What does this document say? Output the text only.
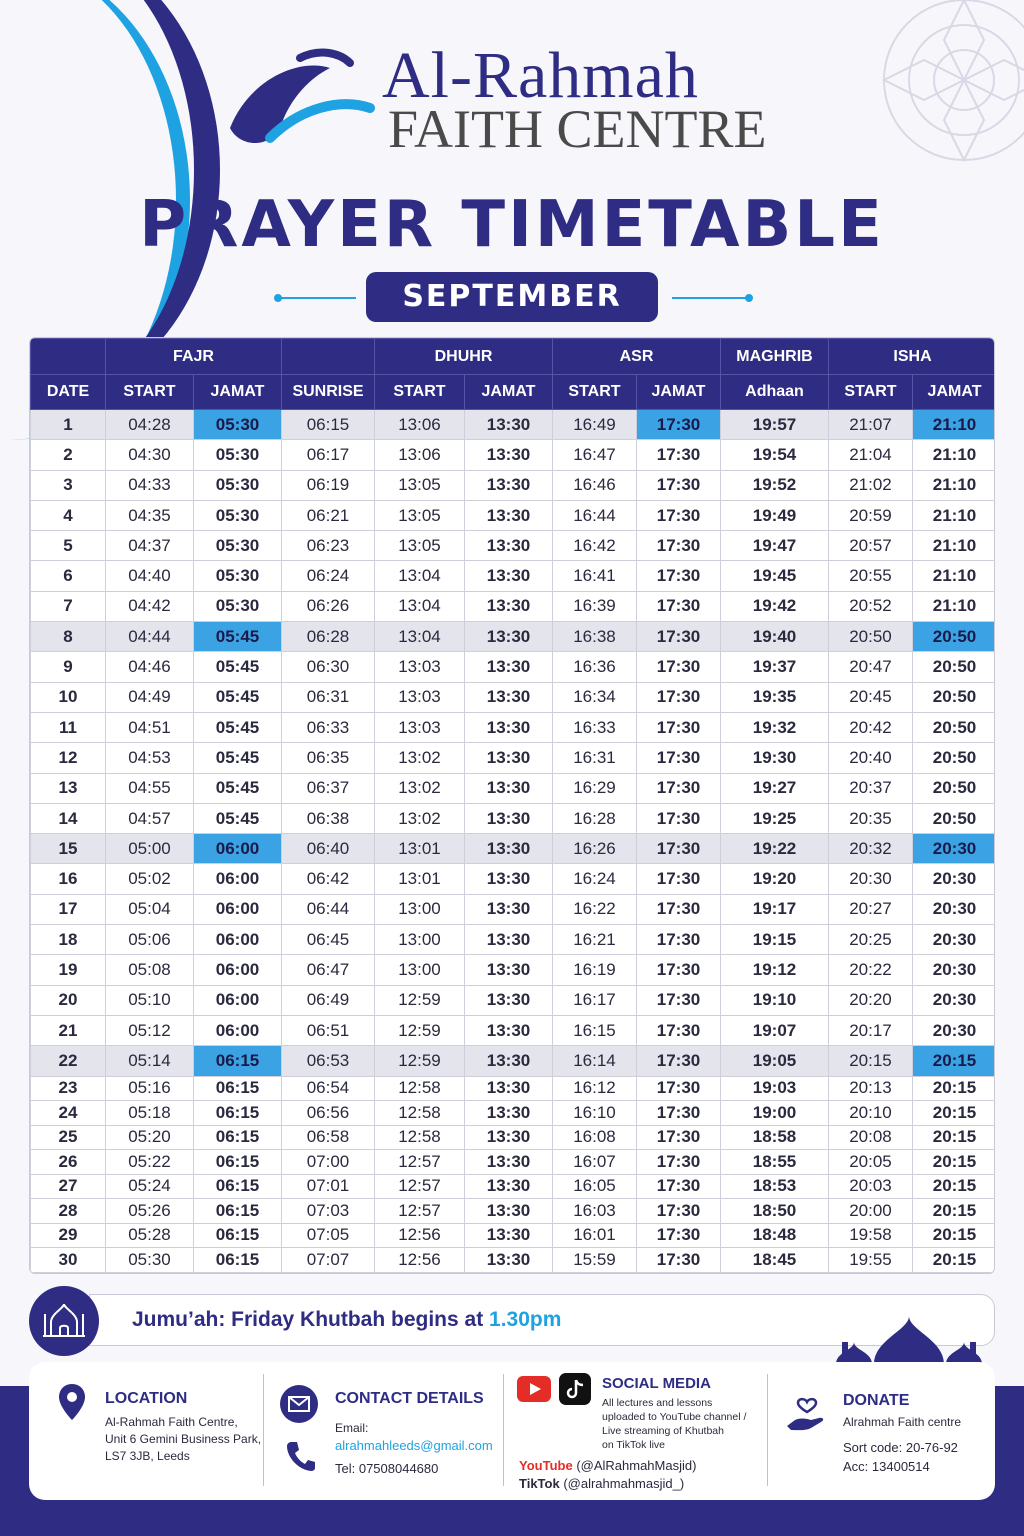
Al-Rahmah
FAITH CENTRE
PRAYER TIMETABLE
SEPTEMBER
	FAJR			DHUHR		ASR		MAGHRIB	ISHA	
DATE	START	JAMAT	SUNRISE	START	JAMAT	START	JAMAT	Adhaan	START	JAMAT
1	04:28	05:30	06:15	13:06	13:30	16:49	17:30	19:57	21:07	21:10
2	04:30	05:30	06:17	13:06	13:30	16:47	17:30	19:54	21:04	21:10
3	04:33	05:30	06:19	13:05	13:30	16:46	17:30	19:52	21:02	21:10
4	04:35	05:30	06:21	13:05	13:30	16:44	17:30	19:49	20:59	21:10
5	04:37	05:30	06:23	13:05	13:30	16:42	17:30	19:47	20:57	21:10
6	04:40	05:30	06:24	13:04	13:30	16:41	17:30	19:45	20:55	21:10
7	04:42	05:30	06:26	13:04	13:30	16:39	17:30	19:42	20:52	21:10
8	04:44	05:45	06:28	13:04	13:30	16:38	17:30	19:40	20:50	20:50
9	04:46	05:45	06:30	13:03	13:30	16:36	17:30	19:37	20:47	20:50
10	04:49	05:45	06:31	13:03	13:30	16:34	17:30	19:35	20:45	20:50
11	04:51	05:45	06:33	13:03	13:30	16:33	17:30	19:32	20:42	20:50
12	04:53	05:45	06:35	13:02	13:30	16:31	17:30	19:30	20:40	20:50
13	04:55	05:45	06:37	13:02	13:30	16:29	17:30	19:27	20:37	20:50
14	04:57	05:45	06:38	13:02	13:30	16:28	17:30	19:25	20:35	20:50
15	05:00	06:00	06:40	13:01	13:30	16:26	17:30	19:22	20:32	20:30
16	05:02	06:00	06:42	13:01	13:30	16:24	17:30	19:20	20:30	20:30
17	05:04	06:00	06:44	13:00	13:30	16:22	17:30	19:17	20:27	20:30
18	05:06	06:00	06:45	13:00	13:30	16:21	17:30	19:15	20:25	20:30
19	05:08	06:00	06:47	13:00	13:30	16:19	17:30	19:12	20:22	20:30
20	05:10	06:00	06:49	12:59	13:30	16:17	17:30	19:10	20:20	20:30
21	05:12	06:00	06:51	12:59	13:30	16:15	17:30	19:07	20:17	20:30
22	05:14	06:15	06:53	12:59	13:30	16:14	17:30	19:05	20:15	20:15
23	05:16	06:15	06:54	12:58	13:30	16:12	17:30	19:03	20:13	20:15
24	05:18	06:15	06:56	12:58	13:30	16:10	17:30	19:00	20:10	20:15
25	05:20	06:15	06:58	12:58	13:30	16:08	17:30	18:58	20:08	20:15
26	05:22	06:15	07:00	12:57	13:30	16:07	17:30	18:55	20:05	20:15
27	05:24	06:15	07:01	12:57	13:30	16:05	17:30	18:53	20:03	20:15
28	05:26	06:15	07:03	12:57	13:30	16:03	17:30	18:50	20:00	20:15
29	05:28	06:15	07:05	12:56	13:30	16:01	17:30	18:48	19:58	20:15
30	05:30	06:15	07:07	12:56	13:30	15:59	17:30	18:45	19:55	20:15
Jumu’ah: Friday Khutbah begins at 1.30pm
LOCATION
Al-Rahmah Faith Centre,
Unit 6 Gemini Business Park,
LS7 3JB, Leeds
CONTACT DETAILS
Email:
alrahmahleeds@gmail.com
Tel: 07508044680
SOCIAL MEDIA
All lectures and lessons
uploaded to YouTube channel /
Live streaming of Khutbah
on TikTok live
YouTube (@AlRahmahMasjid)
TikTok (@alrahmahmasjid_)
DONATE
Alrahmah Faith centre
Sort code: 20-76-92
Acc: 13400514
